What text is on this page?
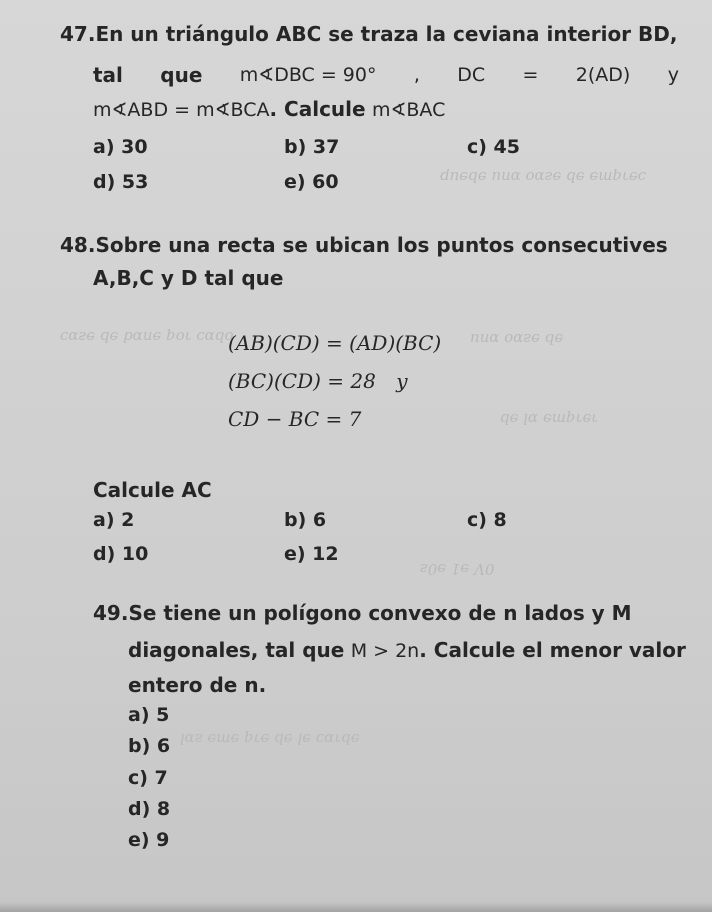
ɔɘɿqmɘ ɘb ɘƨɒo ɒnu ɘbɘup
obɒɔ ɿoq ɘnɒd ɘb ɘƨɒɔ	ɘb ɘƨɒo ɒnu
ɿɘɿqmɘ ɒl ɘb
0V ɘ1 ɘ0ƨ
ɘbɿɒɔ ɘl ɘb ɘɿq ɘmɘ ƨɒl
47.En un triángulo ABC se traza la ceviana interior BD,
tal que m∢DBC = 90° , DC = 2(AD) y
m∢ABD = m∢BCA. Calcule m∢BAC
a) 30	b) 37	c) 45
d) 53	e) 60
48.Sobre una recta se ubican los puntos consecutives
A,B,C y D tal que
(AB)(CD) = (AD)(BC)
(BC)(CD) = 28 y
CD − BC = 7
Calcule AC
a) 2	b) 6	c) 8
d) 10	e) 12
49.Se tiene un polígono convexo de n lados y M
diagonales, tal que M > 2n. Calcule el menor valor
entero de n.
a) 5
b) 6
c) 7
d) 8
e) 9
